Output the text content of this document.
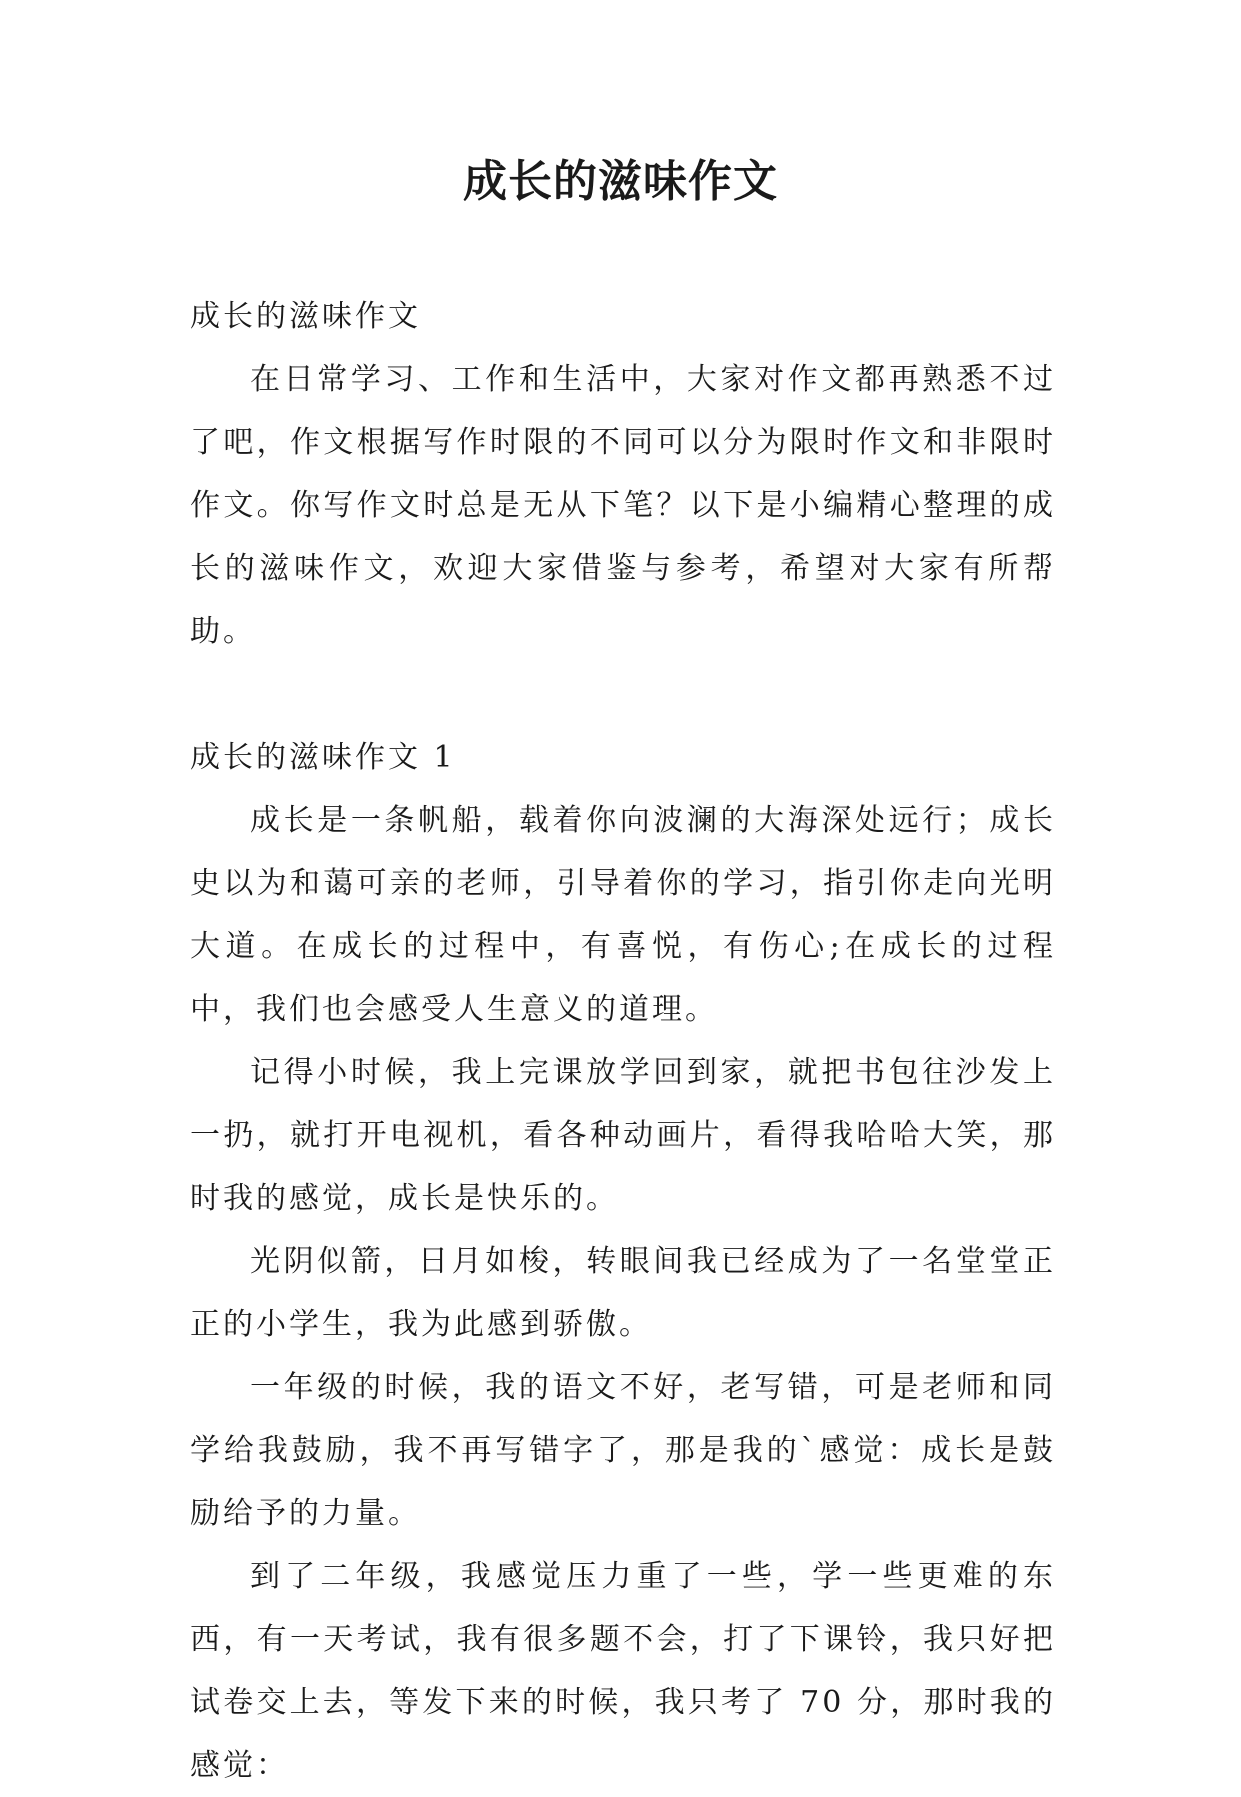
成长的滋味作文

成长的滋味作文

在日常学习、工作和生活中，大家对作文都再熟悉不过了吧，作文根据写作时限的不同可以分为限时作文和非限时作文。你写作文时总是无从下笔？以下是小编精心整理的成长的滋味作文，欢迎大家借鉴与参考，希望对大家有所帮助。

成长的滋味作文 1

成长是一条帆船，载着你向波澜的大海深处远行；成长史以为和蔼可亲的老师，引导着你的学习，指引你走向光明大道。在成长的过程中，有喜悦，有伤心;在成长的过程中，我们也会感受人生意义的道理。

记得小时候，我上完课放学回到家，就把书包往沙发上一扔，就打开电视机，看各种动画片，看得我哈哈大笑，那时我的感觉，成长是快乐的。

光阴似箭，日月如梭，转眼间我已经成为了一名堂堂正正的小学生，我为此感到骄傲。

一年级的时候，我的语文不好，老写错，可是老师和同学给我鼓励，我不再写错字了，那是我的`感觉：成长是鼓励给予的力量。

到了二年级，我感觉压力重了一些，学一些更难的东西，有一天考试，我有很多题不会，打了下课铃，我只好把试卷交上去，等发下来的时候，我只考了 70 分，那时我的感觉：
